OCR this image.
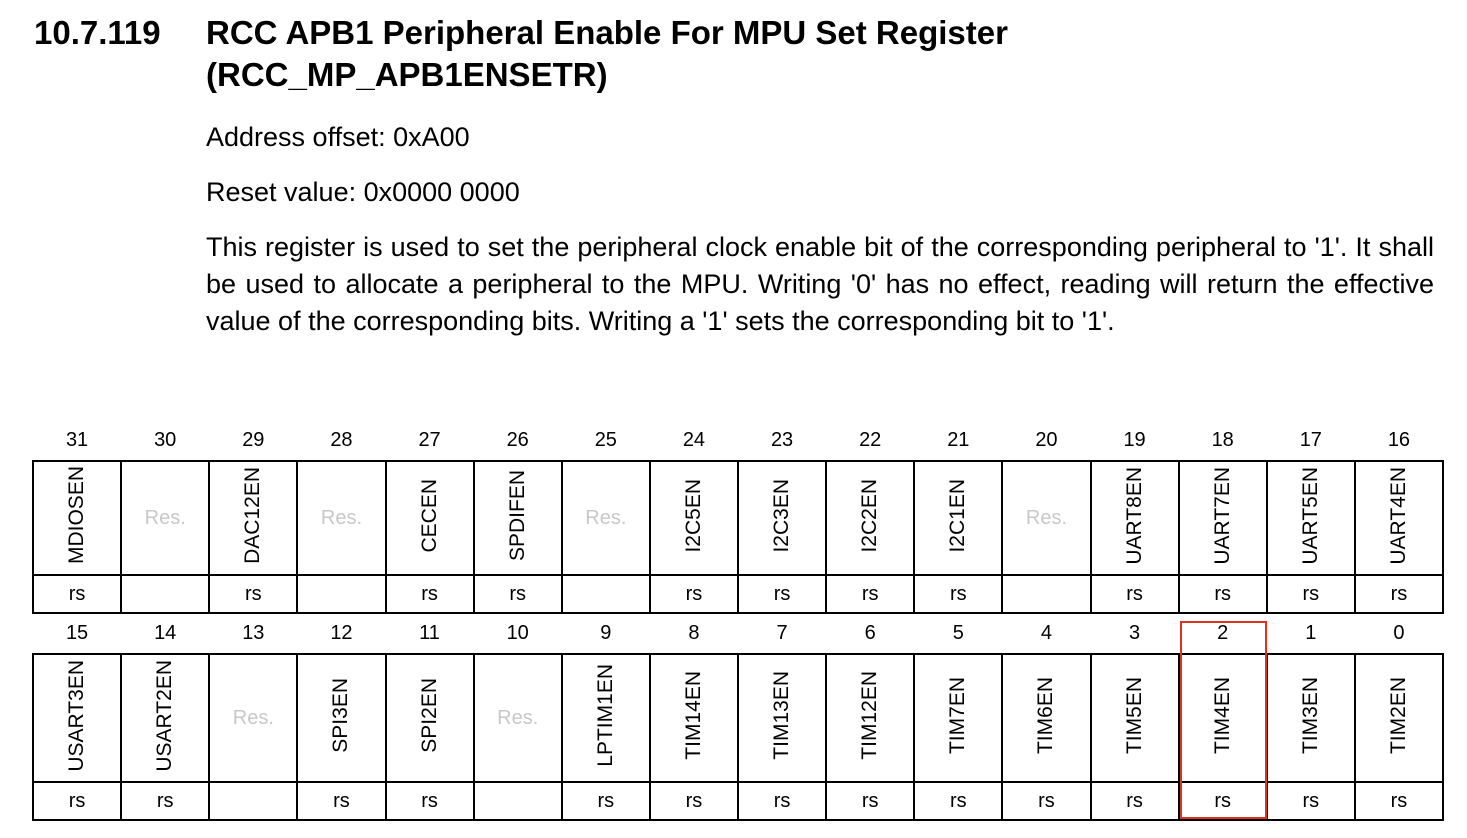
10.7.119 RCC APB1 Peripheral Enable For MPU Set Register (RCC_MP_APB1ENSETR)
Address offset: 0xA00
Reset value: 0x0000 0000
This register is used to set the peripheral clock enable bit of the corresponding peripheral to '1'. It shall be used to allocate a peripheral to the MPU. Writing '0' has no effect, reading will return the effective value of the corresponding bits. Writing a '1' sets the corresponding bit to '1'.
31	30	29	28	27	26	25	24	23	22	21	20	19	18	17	16
MDIOSEN	Res.	DAC12EN	Res.	CECEN	SPDIFEN	Res.	I2C5EN	I2C3EN	I2C2EN	I2C1EN	Res.	UART8EN	UART7EN	UART5EN	UART4EN
rs		rs		rs	rs		rs	rs	rs	rs		rs	rs	rs	rs
15	14	13	12	11	10	9	8	7	6	5	4	3	2	1	0
USART3EN	USART2EN	Res.	SPI3EN	SPI2EN	Res.	LPTIM1EN	TIM14EN	TIM13EN	TIM12EN	TIM7EN	TIM6EN	TIM5EN	TIM4EN	TIM3EN	TIM2EN
rs	rs		rs	rs		rs	rs	rs	rs	rs	rs	rs	rs	rs	rs
